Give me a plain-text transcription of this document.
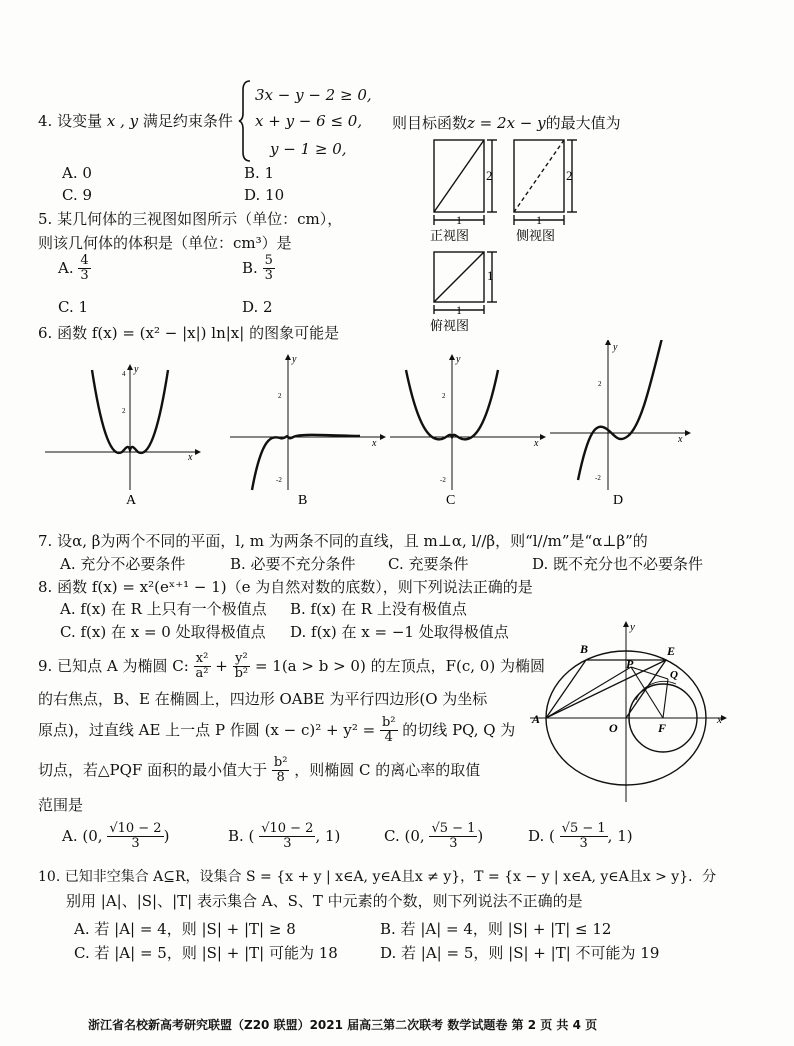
4. 设变量 x , y 满足约束条件
3x − y − 2 ≥ 0,
x + y − 6 ≤ 0,
y − 1 ≥ 0,
则目标函数z = 2x − y的最大值为
A. 0	B. 1
C. 9	D. 10
5. 某几何体的三视图如图所示（单位：cm），
则该几何体的体积是（单位：cm³）是
A. $\frac{4}{3}$	B. $\frac{5}{3}$
C. 1	D. 2
1
2
正视图
1
2
侧视图
1
1
俯视图
6. 函数 f(x) = (x² − |x|) ln|x| 的图象可能是
y
x
4
2
A
y
x
2
-2
B
y
x
2
-2
C
y
x
2
-2
D
7. 设α, β为两个不同的平面，l, m 为两条不同的直线，且 m⊥α, l//β，则“l//m”是“α⊥β”的
A. 充分不必要条件	B. 必要不充分条件 C. 充要条件	D. 既不充分也不必要条件
8. 函数 f(x) = x²(eˣ⁺¹ − 1)（e 为自然对数的底数），则下列说法正确的是
A. f(x) 在 R 上只有一个极值点 B. f(x) 在 R 上没有极值点
C. f(x) 在 x = 0 处取得极值点 D. f(x) 在 x = −1 处取得极值点
9. 已知点 A 为椭圆 C: $\frac{\text{x²}}{\text{a²}} + \frac{\text{y²}}{\text{b²}} = 1(a > b > 0)$ 的左顶点，F(c, 0) 为椭圆
的右焦点，B、E 在椭圆上，四边形 OABE 为平行四边形(O 为坐标
原点)，过直线 AE 上一点 P 作圆 $(x - c)^2 + y^2 = \frac{\text{b²}}{4}$ 的切线 PQ, Q 为
切点，若△PQF 面积的最小值大于 $\frac{\text{b²}}{8}$ ，则椭圆 C 的离心率的取值
范围是
A. (0, $\frac{√10 - 2}{3}$ )	B. ( $\frac{√10 - 2}{3}$ , 1)	C. (0, $\frac{√5 - 1}{3}$ )	D. ( $\frac{√5 - 1}{3}$ , 1)
A
O	F
B	E
P
Q
x
y
10. 已知非空集合 A⊆R，设集合 S = {x + y | x∈A, y∈A且x ≠ y}，T = {x − y | x∈A, y∈A且x > y}．分
别用 |A|、|S|、|T| 表示集合 A、S、T 中元素的个数，则下列说法不正确的是
A. 若 |A| = 4，则 |S| + |T| ≥ 8	B. 若 |A| = 4，则 |S| + |T| ≤ 12
C. 若 |A| = 5，则 |S| + |T| 可能为 18	D. 若 |A| = 5，则 |S| + |T| 不可能为 19
浙江省名校新高考研究联盟（Z20 联盟）2021 届高三第二次联考 数学试题卷 第 2 页 共 4 页
